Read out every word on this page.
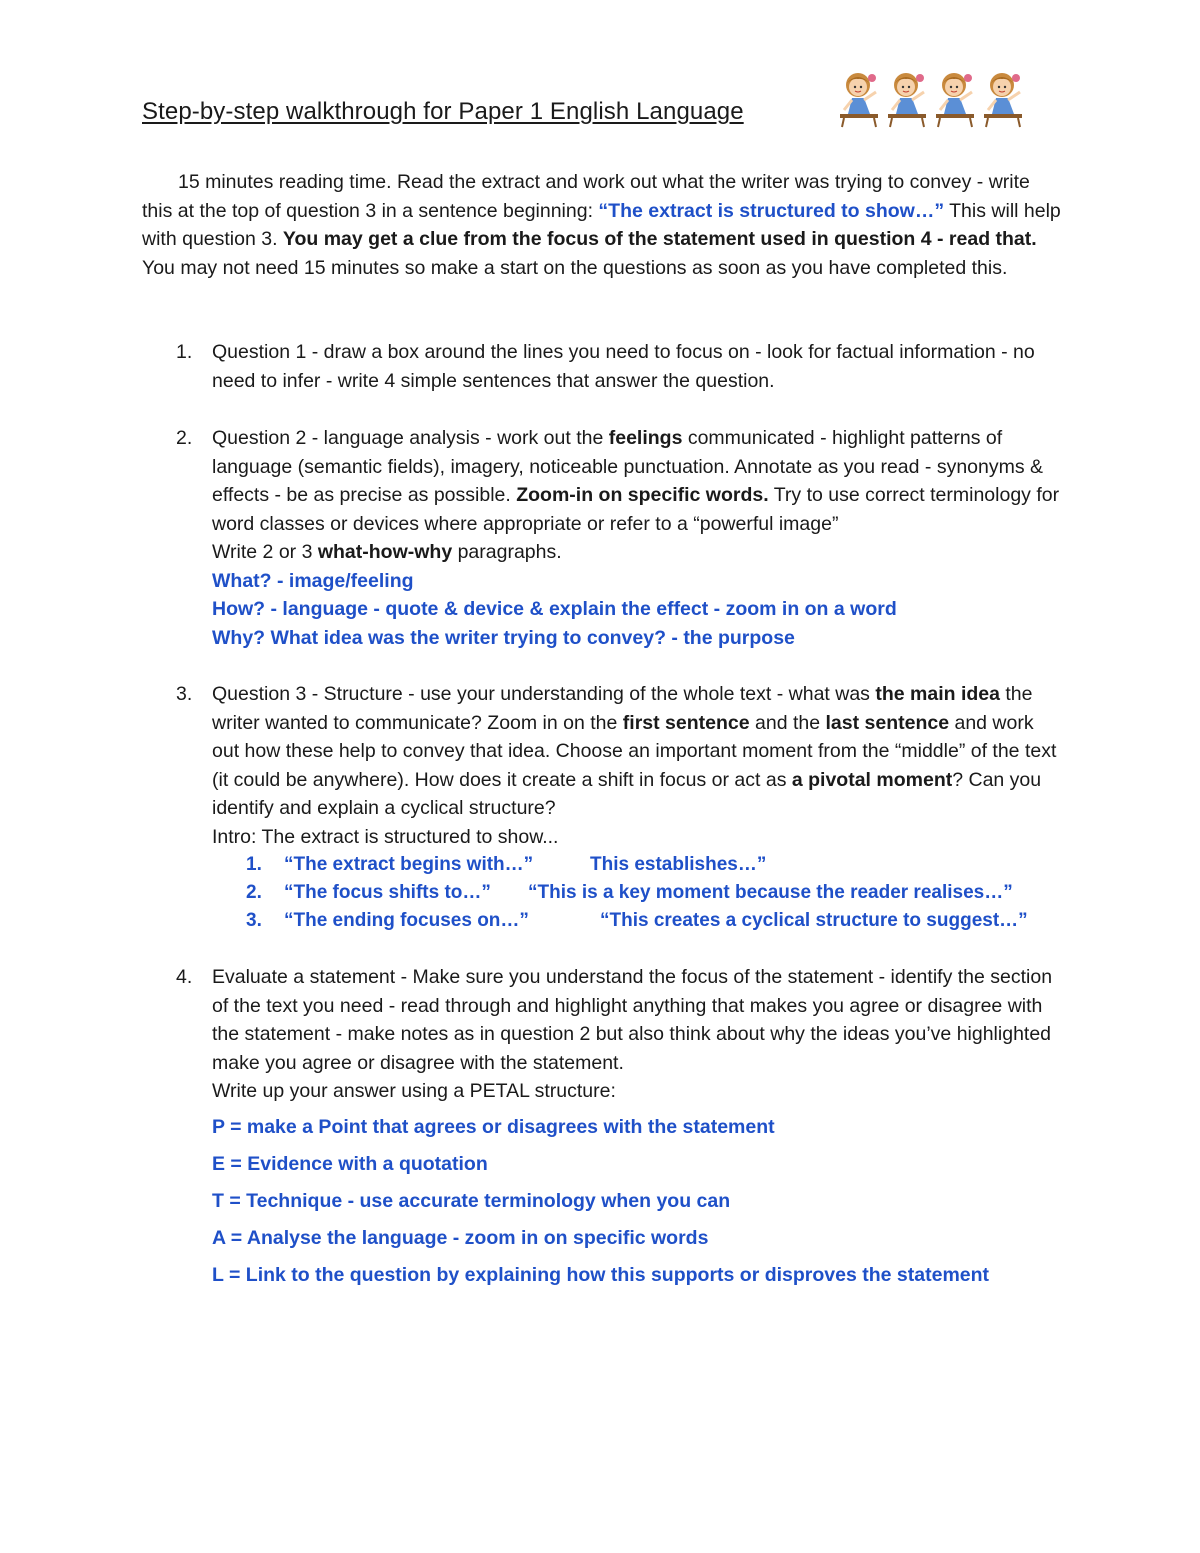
Step-by-step walkthrough for Paper 1 English Language

15 minutes reading time. Read the extract and work out what the writer was trying to convey - write this at the top of question 3 in a sentence beginning: “The extract is structured to show…” This will help with question 3. You may get a clue from the focus of the statement used in question 4 - read that. You may not need 15 minutes so make a start on the questions as soon as you have completed this.

1. Question 1 - draw a box around the lines you need to focus on - look for factual information - no need to infer - write 4 simple sentences that answer the question.
2. Question 2 - language analysis - work out the feelings communicated - highlight patterns of language (semantic fields), imagery, noticeable punctuation. Annotate as you read - synonyms & effects - be as precise as possible. Zoom-in on specific words. Try to use correct terminology for word classes or devices where appropriate or refer to a “powerful image”
Write 2 or 3 what-how-why paragraphs.
What? - image/feeling
How? - language - quote & device & explain the effect - zoom in on a word
Why? What idea was the writer trying to convey? - the purpose
3. Question 3 - Structure - use your understanding of the whole text - what was the main idea the writer wanted to communicate? Zoom in on the first sentence and the last sentence and work out how these help to convey that idea. Choose an important moment from the “middle” of the text (it could be anywhere). How does it create a shift in focus or act as a pivotal moment? Can you identify and explain a cyclical structure?
Intro: The extract is structured to show...
1. “The extract begins with…”	This establishes…”
2. “The focus shifts to…” “This is a key moment because the reader realises…”
3. “The ending focuses on…”	“This creates a cyclical structure to suggest…”
4. Evaluate a statement - Make sure you understand the focus of the statement - identify the section of the text you need - read through and highlight anything that makes you agree or disagree with the statement - make notes as in question 2 but also think about why the ideas you’ve highlighted make you agree or disagree with the statement.
Write up your answer using a PETAL structure:
P = make a Point that agrees or disagrees with the statement
E = Evidence with a quotation
T = Technique - use accurate terminology when you can
A = Analyse the language - zoom in on specific words
L = Link to the question by explaining how this supports or disproves the statement
